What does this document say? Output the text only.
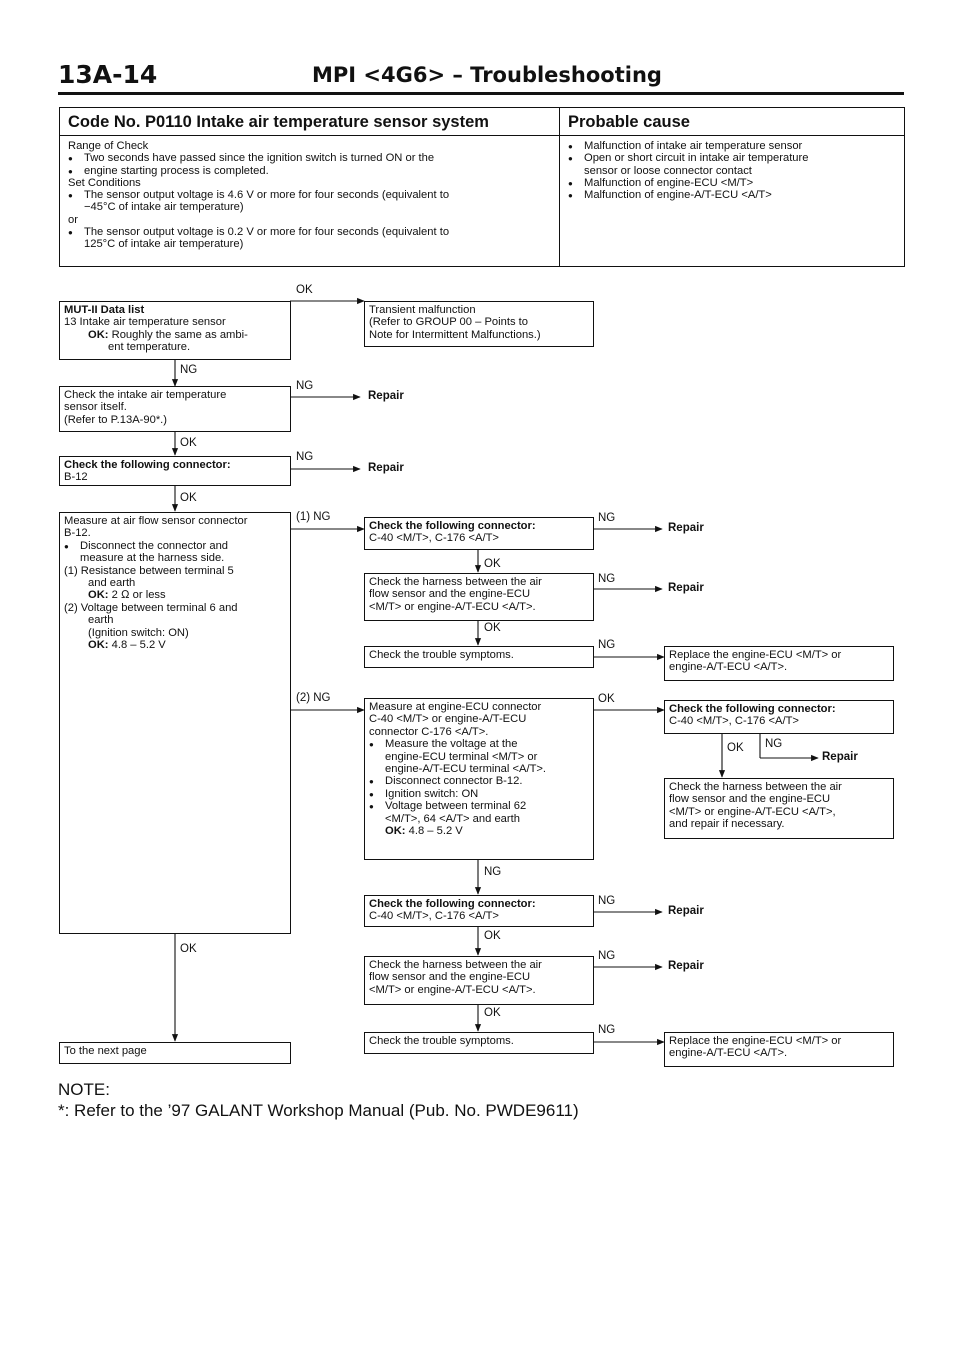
13A-14	MPI <4G6> – Troubleshooting
Code No. P0110 Intake air temperature sensor system	Probable cause
Range of Check
● Two seconds have passed since the ignition switch is turned ON or the
● engine starting process is completed.
Set Conditions
● The sensor output voltage is 4.6 V or more for four seconds (equivalent to
−45°C of intake air temperature)
or
● The sensor output voltage is 0.2 V or more for four seconds (equivalent to
125°C of intake air temperature)
● Malfunction of intake air temperature sensor
● Open or short circuit in intake air temperature
sensor or loose connector contact
● Malfunction of engine-ECU <M/T>
● Malfunction of engine-A/T-ECU <A/T>
MUT-II Data list
13 Intake air temperature sensor
OK: Roughly the same as ambi-
ent temperature.
Check the intake air temperature
sensor itself.
(Refer to P.13A-90*.)
Check the following connector:
B-12
Measure at air flow sensor connector
B-12.
● Disconnect the connector and
measure at the harness side.
(1) Resistance between terminal 5
and earth
OK: 2 Ω or less
(2) Voltage between terminal 6 and
earth
(Ignition switch: ON)
OK: 4.8 – 5.2 V
To the next page
Transient malfunction
(Refer to GROUP 00 – Points to
Note for Intermittent Malfunctions.)
Check the following connector:
C-40 <M/T>, C-176 <A/T>
Check the harness between the air
flow sensor and the engine-ECU
<M/T> or engine-A/T-ECU <A/T>.
Check the trouble symptoms.
Measure at engine-ECU connector
C-40 <M/T> or engine-A/T-ECU
connector C-176 <A/T>.
● Measure the voltage at the
engine-ECU terminal <M/T> or
engine-A/T-ECU terminal <A/T>.
● Disconnect connector B-12.
● Ignition switch: ON
● Voltage between terminal 62
<M/T>, 64 <A/T> and earth
OK: 4.8 – 5.2 V
Check the following connector:
C-40 <M/T>, C-176 <A/T>
Check the harness between the air
flow sensor and the engine-ECU
<M/T> or engine-A/T-ECU <A/T>.
Check the trouble symptoms.
Replace the engine-ECU <M/T> or
engine-A/T-ECU <A/T>.
Check the following connector:
C-40 <M/T>, C-176 <A/T>
Check the harness between the air
flow sensor and the engine-ECU
<M/T> or engine-A/T-ECU <A/T>,
and repair if necessary.
Replace the engine-ECU <M/T> or
engine-A/T-ECU <A/T>.
OK
NG
NG
OK
NG
OK
(1) NG
(2) NG
OK
NG
OK
NG
OK
NG
OK
NG
NG
OK
NG
OK
NG
OK NG
Repair
Repair
Repair
Repair
Repair
Repair
Repair
NOTE:
*: Refer to the ’97 GALANT Workshop Manual (Pub. No. PWDE9611)
